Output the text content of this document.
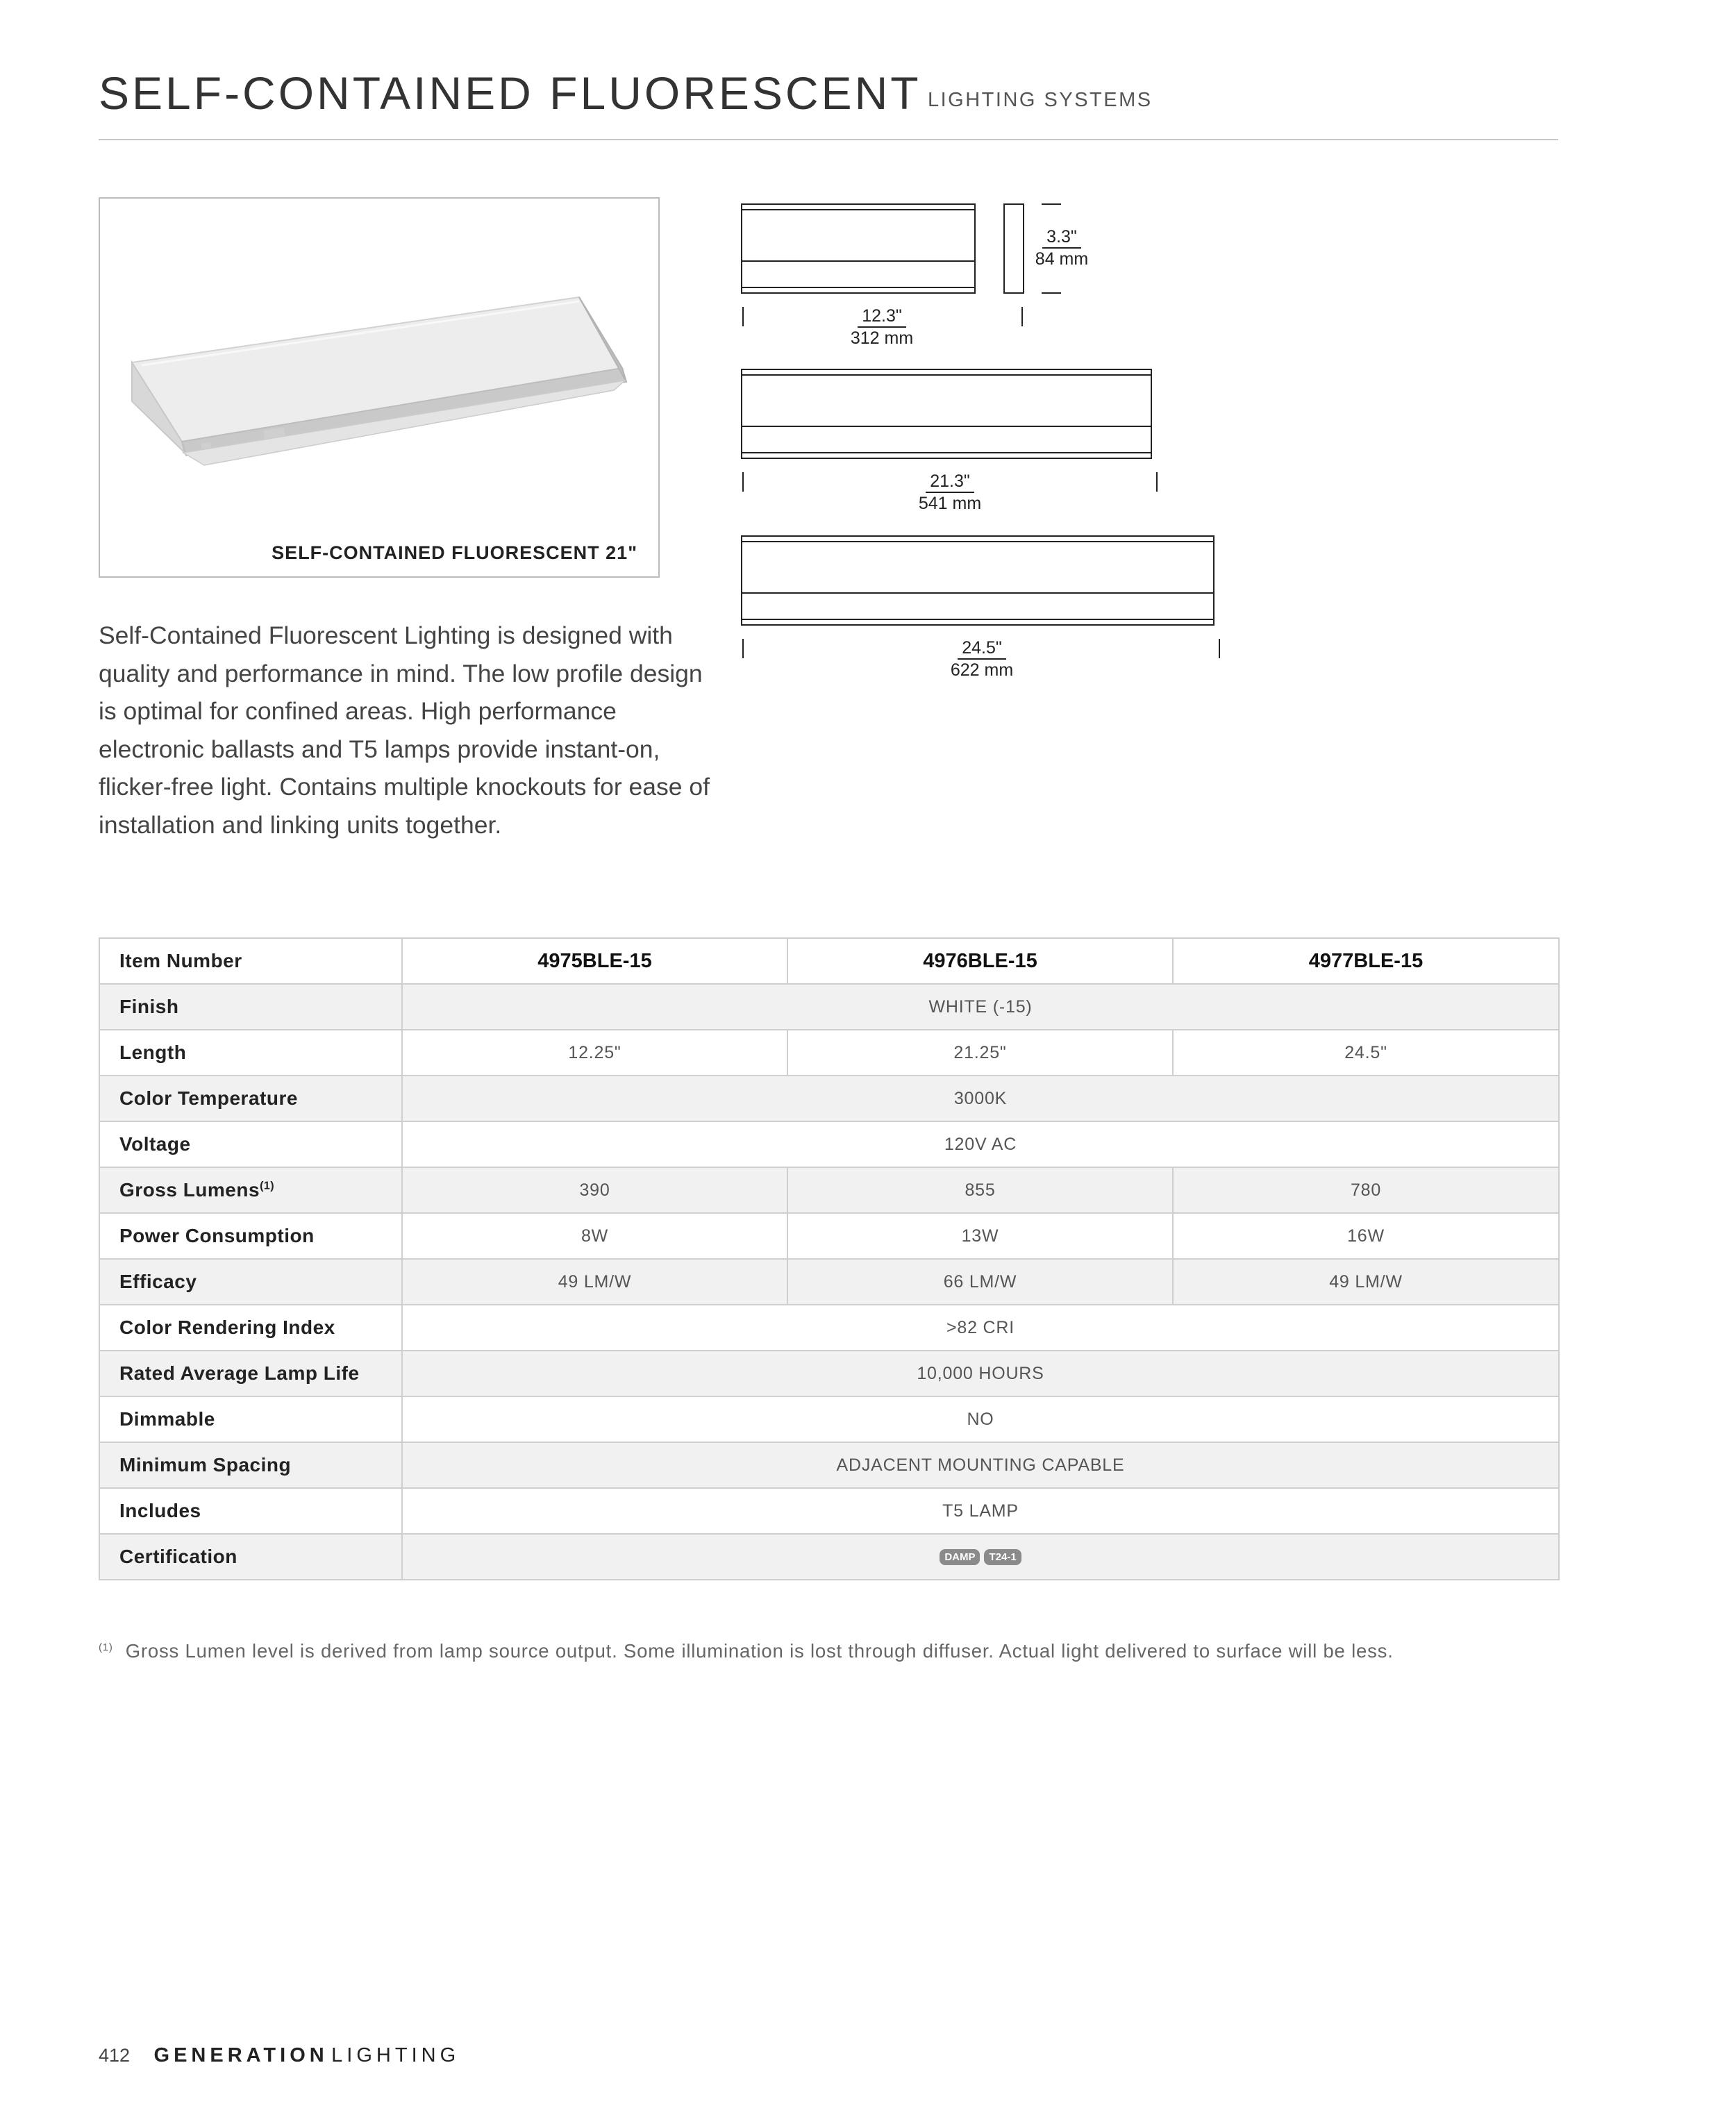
SELF-CONTAINED FLUORESCENT LIGHTING SYSTEMS
SELF-CONTAINED FLUORESCENT 21"
Self-Contained Fluorescent Lighting is designed with quality and performance in mind. The low profile design is optimal for confined areas. High performance electronic ballasts and T5 lamps provide instant-on, flicker-free light. Contains multiple knockouts for ease of installation and linking units together.
3.3"
84 mm
12.3"
312 mm
21.3"
541 mm
24.5"
622 mm
Item Number	4975BLE-15	4976BLE-15	4977BLE-15
Finish	WHITE (-15)		
Length	12.25"	21.25"	24.5"
Color Temperature	3000K		
Voltage	120V AC		
Gross Lumens$^{(1)}$	390	855	780
Power Consumption	8W	13W	16W
Efficacy	49 LM/W	66 LM/W	49 LM/W
Color Rendering Index	>82 CRI		
Rated Average Lamp Life	10,000 HOURS		
Dimmable	NO		
Minimum Spacing	ADJACENT MOUNTING CAPABLE		
Includes	T5 LAMP		
Certification	DAMP T24-1		
$^{(1)}$ Gross Lumen level is derived from lamp source output. Some illumination is lost through diffuser. Actual light delivered to surface will be less.
412 GENERATION LIGHTING
